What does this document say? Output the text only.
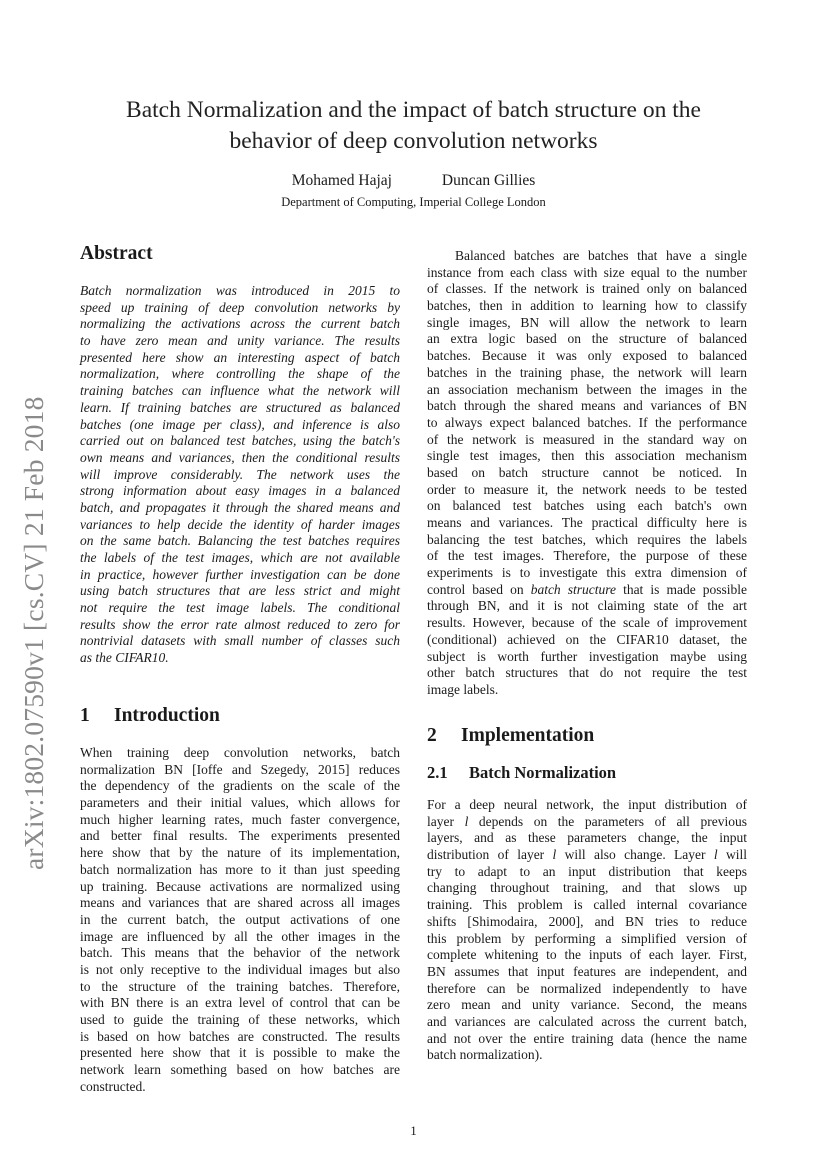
arXiv:1802.07590v1 [cs.CV] 21 Feb 2018
Batch Normalization and the impact of batch structure on the
behavior of deep convolution networks
Mohamed Hajaj	Duncan Gillies
Department of Computing, Imperial College London
Abstract
Batch normalization was introduced in 2015 to
speed up training of deep convolution networks by
normalizing the activations across the current batch
to have zero mean and unity variance. The results
presented here show an interesting aspect of batch
normalization, where controlling the shape of the
training batches can influence what the network will
learn. If training batches are structured as balanced
batches (one image per class), and inference is also
carried out on balanced test batches, using the batch's
own means and variances, then the conditional results
will improve considerably. The network uses the
strong information about easy images in a balanced
batch, and propagates it through the shared means and
variances to help decide the identity of harder images
on the same batch. Balancing the test batches requires
the labels of the test images, which are not available
in practice, however further investigation can be done
using batch structures that are less strict and might
not require the test image labels. The conditional
results show the error rate almost reduced to zero for
nontrivial datasets with small number of classes such
as the CIFAR10.
1 Introduction
When training deep convolution networks, batch
normalization BN [Ioffe and Szegedy, 2015] reduces
the dependency of the gradients on the scale of the
parameters and their initial values, which allows for
much higher learning rates, much faster convergence,
and better final results. The experiments presented
here show that by the nature of its implementation,
batch normalization has more to it than just speeding
up training. Because activations are normalized using
means and variances that are shared across all images
in the current batch, the output activations of one
image are influenced by all the other images in the
batch. This means that the behavior of the network
is not only receptive to the individual images but also
to the structure of the training batches. Therefore,
with BN there is an extra level of control that can be
used to guide the training of these networks, which
is based on how batches are constructed. The results
presented here show that it is possible to make the
network learn something based on how batches are
constructed.
Balanced batches are batches that have a single
instance from each class with size equal to the number
of classes. If the network is trained only on balanced
batches, then in addition to learning how to classify
single images, BN will allow the network to learn
an extra logic based on the structure of balanced
batches. Because it was only exposed to balanced
batches in the training phase, the network will learn
an association mechanism between the images in the
batch through the shared means and variances of BN
to always expect balanced batches. If the performance
of the network is measured in the standard way on
single test images, then this association mechanism
based on batch structure cannot be noticed. In
order to measure it, the network needs to be tested
on balanced test batches using each batch's own
means and variances. The practical difficulty here is
balancing the test batches, which requires the labels
of the test images. Therefore, the purpose of these
experiments is to investigate this extra dimension of
control based on batch structure that is made possible
through BN, and it is not claiming state of the art
results. However, because of the scale of improvement
(conditional) achieved on the CIFAR10 dataset, the
subject is worth further investigation maybe using
other batch structures that do not require the test
image labels.
2 Implementation
2.1 Batch Normalization
For a deep neural network, the input distribution of
layer l depends on the parameters of all previous
layers, and as these parameters change, the input
distribution of layer l will also change. Layer l will
try to adapt to an input distribution that keeps
changing throughout training, and that slows up
training. This problem is called internal covariance
shifts [Shimodaira, 2000], and BN tries to reduce
this problem by performing a simplified version of
complete whitening to the inputs of each layer. First,
BN assumes that input features are independent, and
therefore can be normalized independently to have
zero mean and unity variance. Second, the means
and variances are calculated across the current batch,
and not over the entire training data (hence the name
batch normalization).
1
